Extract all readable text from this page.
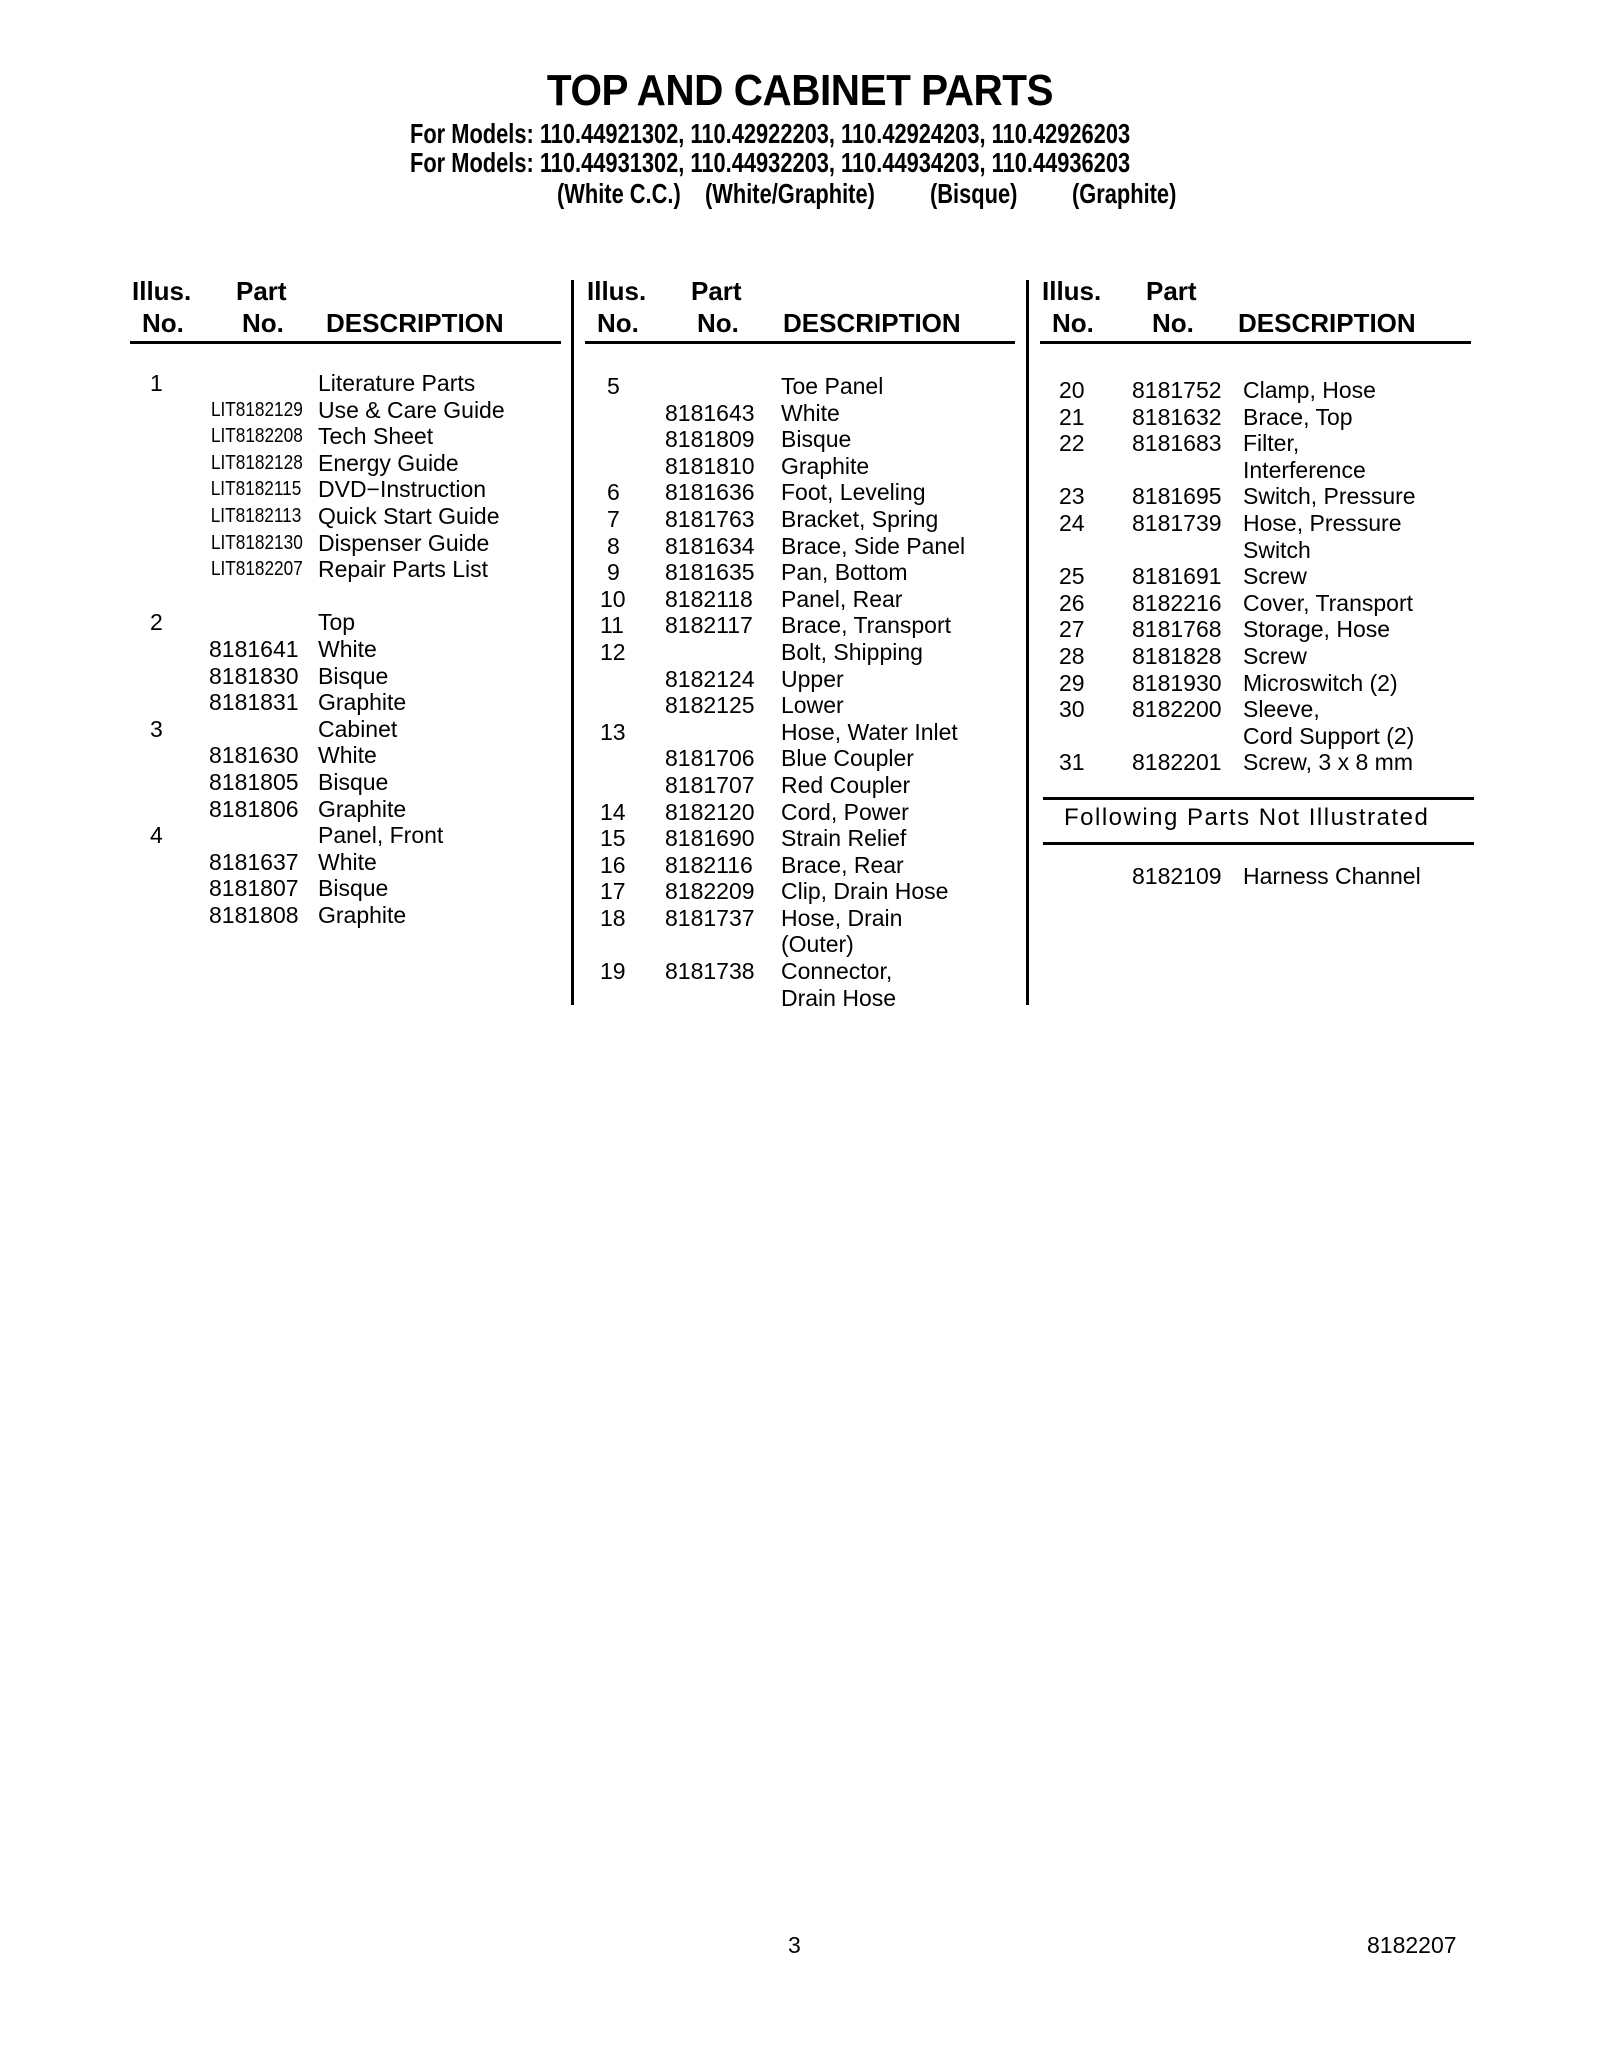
TOP AND CABINET PARTS
For Models: 110.44921302, 110.42922203, 110.42924203, 110.42926203
For Models: 110.44931302, 110.44932203, 110.44934203, 110.44936203
(White C.C.) (White/Graphite) (Bisque) (Graphite)
Illus.
No.
Part
No. DESCRIPTION
1	Literature Parts
LIT8182129 Use & Care Guide
LIT8182208 Tech Sheet
LIT8182128 Energy Guide
LIT8182115 DVD−Instruction
LIT8182113 Quick Start Guide
LIT8182130 Dispenser Guide
LIT8182207 Repair Parts List
2	Top
8181641 White
8181830 Bisque
8181831 Graphite
3	Cabinet
8181630 White
8181805 Bisque
8181806 Graphite
4	Panel, Front
8181637 White
8181807 Bisque
8181808 Graphite
Illus.
No.
Part
No. DESCRIPTION
5	Toe Panel
8181643 White
8181809 Bisque
8181810 Graphite
6 8181636 Foot, Leveling
7 8181763 Bracket, Spring
8 8181634 Brace, Side Panel
9 8181635 Pan, Bottom
10 8182118 Panel, Rear
11 8182117 Brace, Transport
12	Bolt, Shipping
8182124 Upper
8182125 Lower
13	Hose, Water Inlet
8181706 Blue Coupler
8181707 Red Coupler
14 8182120 Cord, Power
15 8181690 Strain Relief
16 8182116 Brace, Rear
17 8182209 Clip, Drain Hose
18 8181737 Hose, Drain
(Outer)
19 8181738 Connector,
Drain Hose
Illus.
No.
Part
No. DESCRIPTION
20 8181752 Clamp, Hose
21 8181632 Brace, Top
22 8181683 Filter,
Interference
23 8181695 Switch, Pressure
24 8181739 Hose, Pressure
Switch
25 8181691 Screw
26 8182216 Cover, Transport
27 8181768 Storage, Hose
28 8181828 Screw
29 8181930 Microswitch (2)
30 8182200 Sleeve,
Cord Support (2)
31 8182201 Screw, 3 x 8 mm
Following Parts Not Illustrated
8182109 Harness Channel
3	8182207
